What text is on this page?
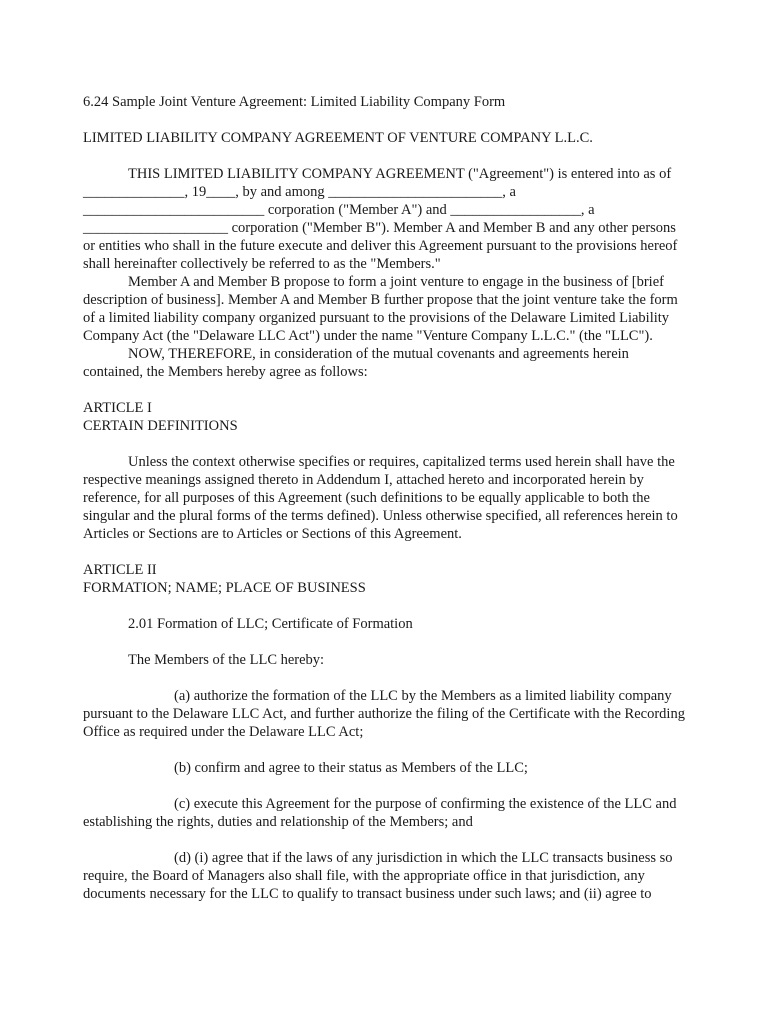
6.24 Sample Joint Venture Agreement: Limited Liability Company Form

LIMITED LIABILITY COMPANY AGREEMENT OF VENTURE COMPANY L.L.C.

THIS LIMITED LIABILITY COMPANY AGREEMENT ("Agreement") is entered into as of ______________, 19____, by and among ________________________, a _________________________ corporation ("Member A") and __________________, a ____________________ corporation ("Member B"). Member A and Member B and any other persons or entities who shall in the future execute and deliver this Agreement pursuant to the provisions hereof shall hereinafter collectively be referred to as the "Members."

Member A and Member B propose to form a joint venture to engage in the business of [brief description of business]. Member A and Member B further propose that the joint venture take the form of a limited liability company organized pursuant to the provisions of the Delaware Limited Liability Company Act (the "Delaware LLC Act") under the name "Venture Company L.L.C." (the "LLC").

NOW, THEREFORE, in consideration of the mutual covenants and agreements herein contained, the Members hereby agree as follows:

ARTICLE I

CERTAIN DEFINITIONS

Unless the context otherwise specifies or requires, capitalized terms used herein shall have the respective meanings assigned thereto in Addendum I, attached hereto and incorporated herein by reference, for all purposes of this Agreement (such definitions to be equally applicable to both the singular and the plural forms of the terms defined). Unless otherwise specified, all references herein to Articles or Sections are to Articles or Sections of this Agreement.

ARTICLE II

FORMATION; NAME; PLACE OF BUSINESS

2.01 Formation of LLC; Certificate of Formation

The Members of the LLC hereby:

(a) authorize the formation of the LLC by the Members as a limited liability company pursuant to the Delaware LLC Act, and further authorize the filing of the Certificate with the Recording Office as required under the Delaware LLC Act;

(b) confirm and agree to their status as Members of the LLC;

(c) execute this Agreement for the purpose of confirming the existence of the LLC and establishing the rights, duties and relationship of the Members; and

(d) (i) agree that if the laws of any jurisdiction in which the LLC transacts business so require, the Board of Managers also shall file, with the appropriate office in that jurisdiction, any documents necessary for the LLC to qualify to transact business under such laws; and (ii) agree to
